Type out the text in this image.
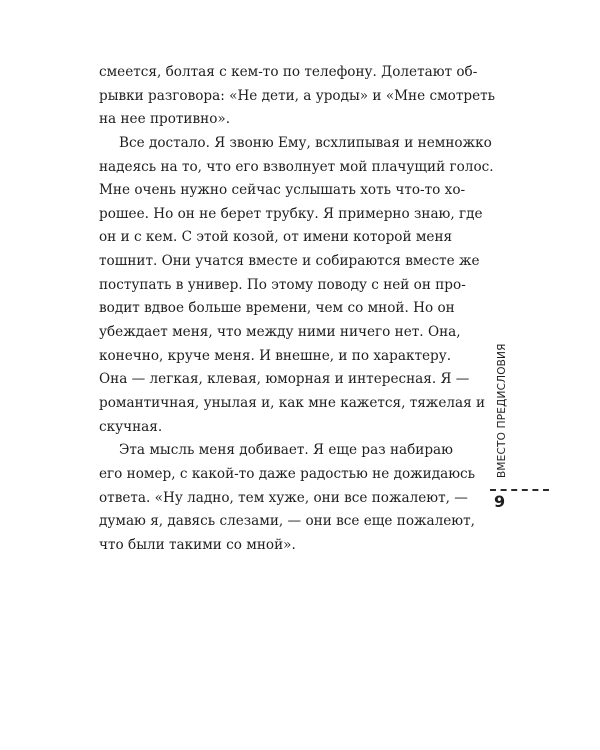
смеется, болтая с кем-то по телефону. Долетают об-
рывки разговора: «Не дети, а уроды» и «Мне смотреть
на нее противно».
Все достало. Я звоню Ему, всхлипывая и немножко
надеясь на то, что его взволнует мой плачущий голос.
Мне очень нужно сейчас услышать хоть что-то хо-
рошее. Но он не берет трубку. Я примерно знаю, где
он и с кем. С этой козой, от имени которой меня
тошнит. Они учатся вместе и собираются вместе же
поступать в универ. По этому поводу с ней он про-
водит вдвое больше времени, чем со мной. Но он
убеждает меня, что между ними ничего нет. Она,
конечно, круче меня. И внешне, и по характеру.
Она — легкая, клевая, юморная и интересная. Я —
романтичная, унылая и, как мне кажется, тяжелая и
скучная.
Эта мысль меня добивает. Я еще раз набираю
его номер, с какой-то даже радостью не дожидаюсь
ответа. «Ну ладно, тем хуже, они все пожалеют, —
думаю я, давясь слезами, — они все еще пожалеют,
что были такими со мной».
ВМЕСТО ПРЕДИСЛОВИЯ
9
